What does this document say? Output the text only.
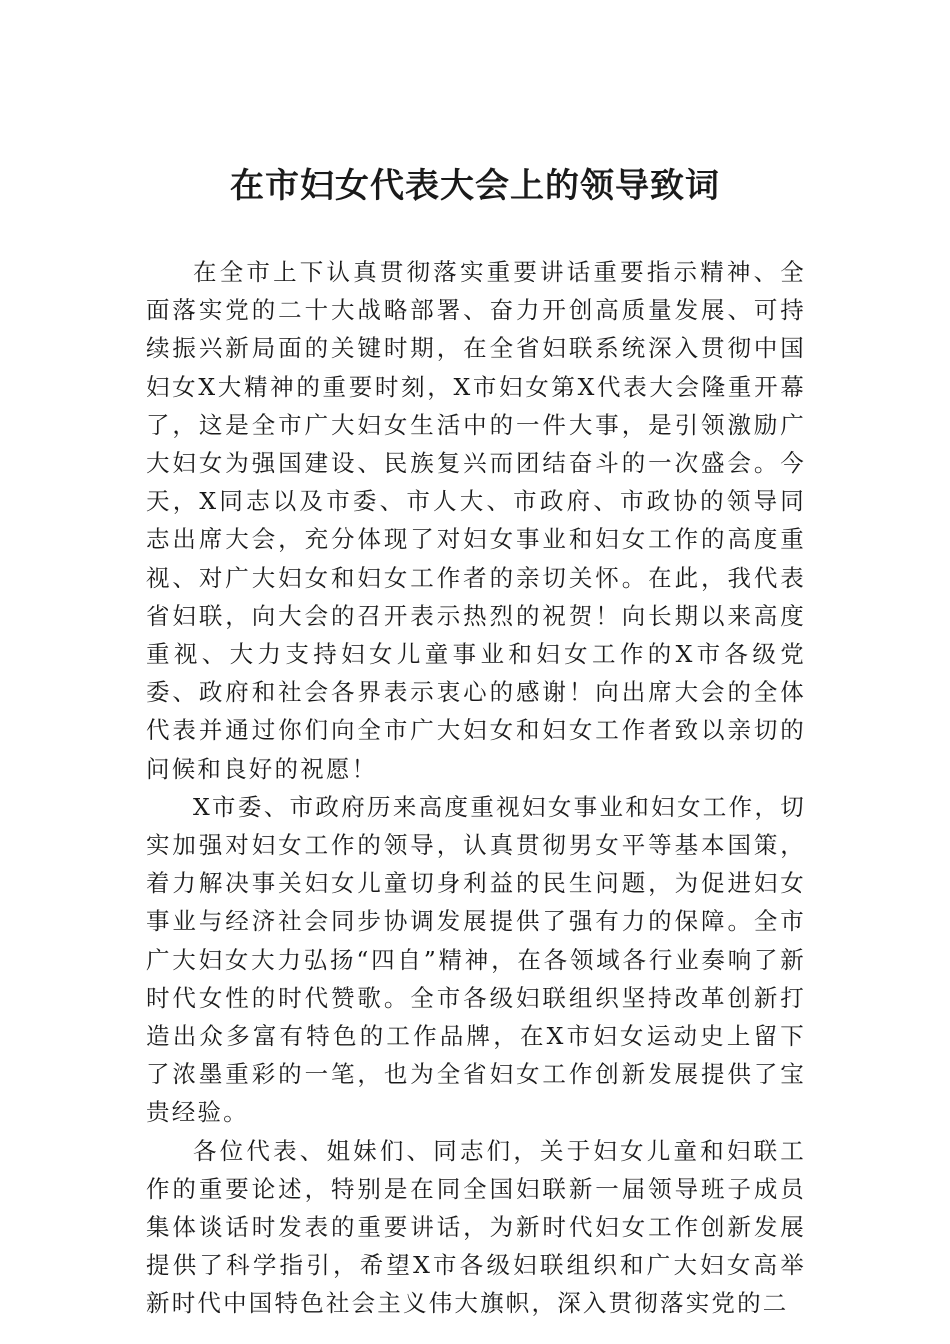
在市妇女代表大会上的领导致词

在全市上下认真贯彻落实重要讲话重要指示精神、全面落实党的二十大战略部署、奋力开创高质量发展、可持续振兴新局面的关键时期，在全省妇联系统深入贯彻中国妇女X大精神的重要时刻，X市妇女第X代表大会隆重开幕了，这是全市广大妇女生活中的一件大事，是引领激励广大妇女为强国建设、民族复兴而团结奋斗的一次盛会。今天，X同志以及市委、市人大、市政府、市政协的领导同志出席大会，充分体现了对妇女事业和妇女工作的高度重视、对广大妇女和妇女工作者的亲切关怀。在此，我代表省妇联，向大会的召开表示热烈的祝贺！向长期以来高度重视、大力支持妇女儿童事业和妇女工作的X市各级党委、政府和社会各界表示衷心的感谢！向出席大会的全体代表并通过你们向全市广大妇女和妇女工作者致以亲切的问候和良好的祝愿！

X市委、市政府历来高度重视妇女事业和妇女工作，切实加强对妇女工作的领导，认真贯彻男女平等基本国策，着力解决事关妇女儿童切身利益的民生问题，为促进妇女事业与经济社会同步协调发展提供了强有力的保障。全市广大妇女大力弘扬“四自”精神，在各领域各行业奏响了新时代女性的时代赞歌。全市各级妇联组织坚持改革创新打造出众多富有特色的工作品牌，在X市妇女运动史上留下了浓墨重彩的一笔，也为全省妇女工作创新发展提供了宝贵经验。

各位代表、姐妹们、同志们，关于妇女儿童和妇联工作的重要论述，特别是在同全国妇联新一届领导班子成员集体谈话时发表的重要讲话，为新时代妇女工作创新发展提供了科学指引，希望X市各级妇联组织和广大妇女高举新时代中国特色社会主义伟大旗帜，深入贯彻落实党的二
